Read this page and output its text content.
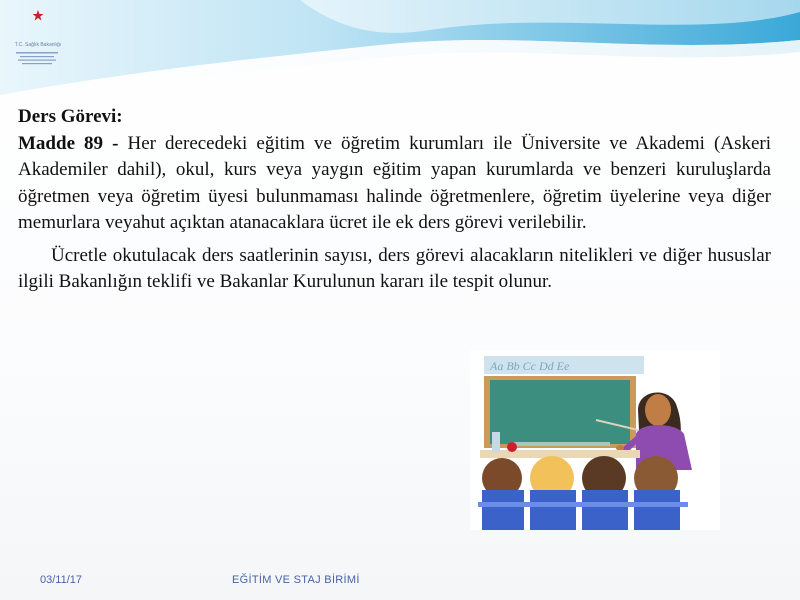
T.C. Sağlık Bakanlığı

Ders Görevi:

Madde 89 - Her derecedeki eğitim ve öğretim kurumları ile Üniversite ve Akademi (Askeri Akademiler dahil), okul, kurs veya yaygın eğitim yapan kurumlarda ve benzeri kuruluşlarda öğretmen veya öğretim üyesi bulunmaması halinde öğretmenlere, öğretim üyelerine veya diğer memurlara veyahut açıktan atanacaklara ücret ile ek ders görevi verilebilir.

Ücretle okutulacak ders saatlerinin sayısı, ders görevi alacakların nitelikleri ve diğer hususlar ilgili Bakanlığın teklifi ve Bakanlar Kurulunun kararı ile tespit olunur.

Aa Bb Cc Dd Ee
03/11/17	EĞİTİM VE STAJ BİRİMİ
